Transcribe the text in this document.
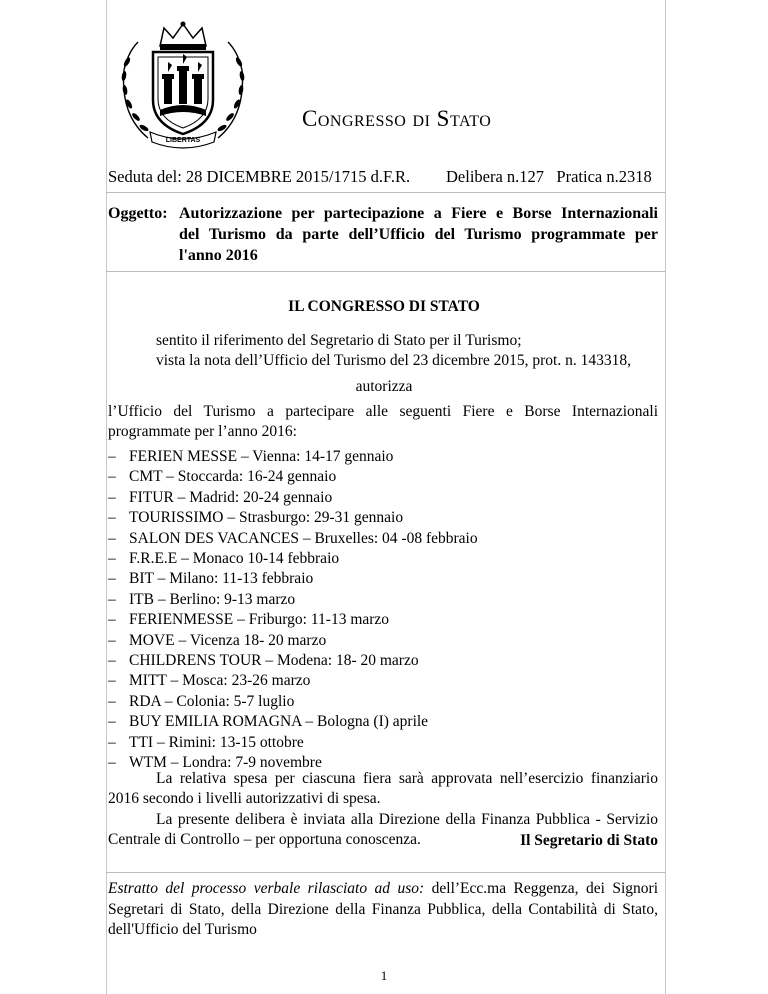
LIBERTAS
Congresso di Stato
Seduta del: 28 DICEMBRE 2015/1715 d.F.R. Delibera n.127   Pratica n.2318
Oggetto: Autorizzazione per partecipazione a Fiere e Borse Internazionali
del Turismo da parte dell’Ufficio del Turismo programmate per
l'anno 2016
IL CONGRESSO DI STATO
sentito il riferimento del Segretario di Stato per il Turismo;
vista la nota dell’Ufficio del Turismo del 23 dicembre 2015, prot. n. 143318,
autorizza
l’Ufficio del Turismo a partecipare alle seguenti Fiere e Borse Internazionali
programmate per l’anno 2016:
– FERIEN MESSE – Vienna: 14-17 gennaio
– CMT – Stoccarda: 16-24 gennaio
– FITUR – Madrid: 20-24 gennaio
– TOURISSIMO – Strasburgo: 29-31 gennaio
– SALON DES VACANCES – Bruxelles: 04 -08 febbraio
– F.R.E.E – Monaco 10-14 febbraio
– BIT – Milano: 11-13 febbraio
– ITB – Berlino: 9-13 marzo
– FERIENMESSE – Friburgo: 11-13 marzo
– MOVE – Vicenza 18- 20 marzo
– CHILDRENS TOUR – Modena: 18- 20 marzo
– MITT – Mosca: 23-26 marzo
– RDA – Colonia: 5-7 luglio
– BUY EMILIA ROMAGNA – Bologna (I) aprile
– TTI – Rimini: 13-15 ottobre
– WTM – Londra: 7-9 novembre
La relativa spesa per ciascuna fiera sarà approvata nell’esercizio finanziario
2016 secondo i livelli autorizzativi di spesa.
La presente delibera è inviata alla Direzione della Finanza Pubblica - Servizio
Centrale di Controllo – per opportuna conoscenza.	Il Segretario di Stato
Estratto del processo verbale rilasciato ad uso: dell’Ecc.ma Reggenza, dei Signori
Segretari di Stato, della Direzione della Finanza Pubblica, della Contabilità di Stato,
dell'Ufficio del Turismo
1
